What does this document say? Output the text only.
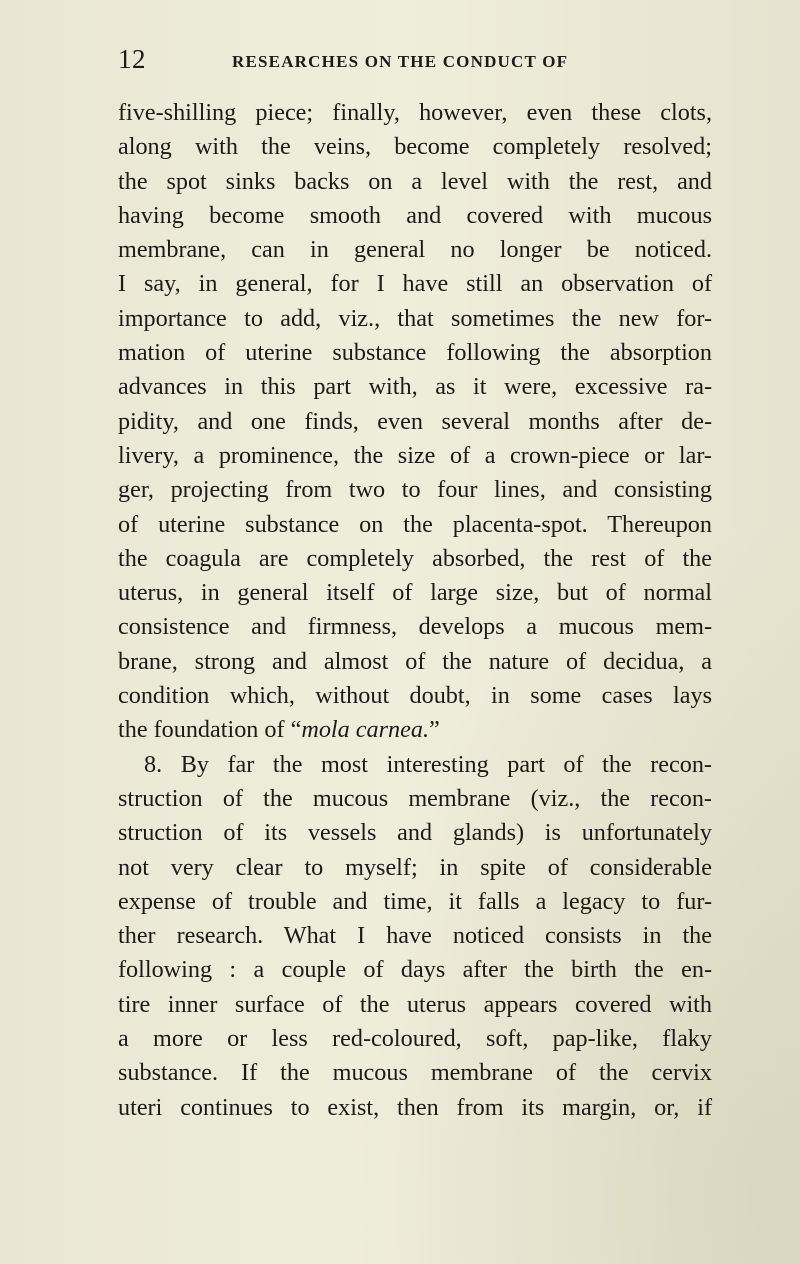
12	RESEARCHES ON THE CONDUCT OF
five-shilling piece; finally, however, even these clots,
along with the veins, become completely resolved;
the spot sinks backs on a level with the rest, and
having become smooth and covered with mucous
membrane, can in general no longer be noticed.
I say, in general, for I have still an observation of
importance to add, viz., that sometimes the new for-
mation of uterine substance following the absorption
advances in this part with, as it were, excessive ra-
pidity, and one finds, even several months after de-
livery, a prominence, the size of a crown-piece or lar-
ger, projecting from two to four lines, and consisting
of uterine substance on the placenta-spot. Thereupon
the coagula are completely absorbed, the rest of the
uterus, in general itself of large size, but of normal
consistence and firmness, develops a mucous mem-
brane, strong and almost of the nature of decidua, a
condition which, without doubt, in some cases lays
the foundation of “mola carnea.”
8. By far the most interesting part of the recon-
struction of the mucous membrane (viz., the recon-
struction of its vessels and glands) is unfortunately
not very clear to myself; in spite of considerable
expense of trouble and time, it falls a legacy to fur-
ther research. What I have noticed consists in the
following : a couple of days after the birth the en-
tire inner surface of the uterus appears covered with
a more or less red-coloured, soft, pap-like, flaky
substance. If the mucous membrane of the cervix
uteri continues to exist, then from its margin, or, if
